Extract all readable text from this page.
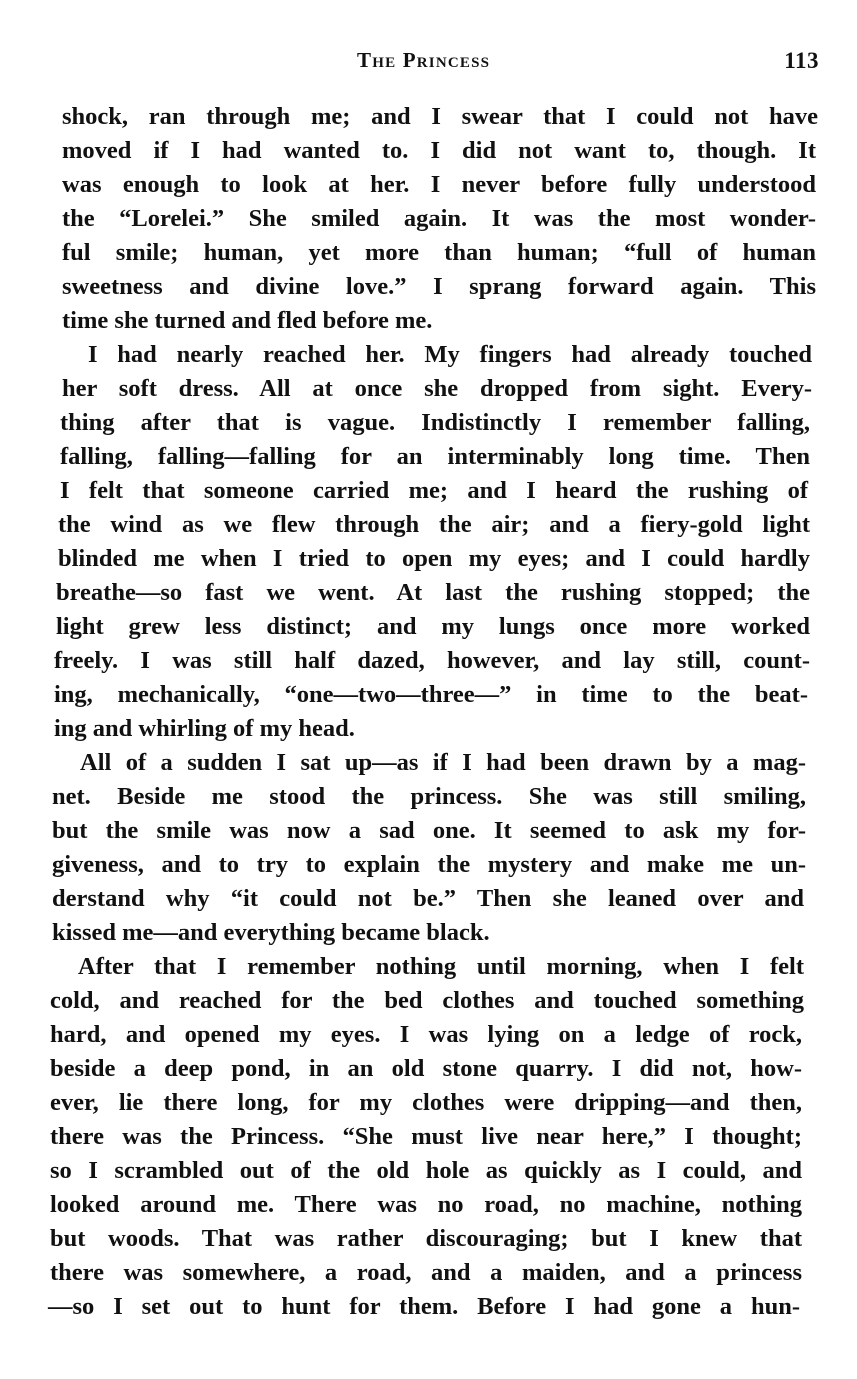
The Princess	113
shock, ran through me; and I swear that I could not have
moved if I had wanted to. I did not want to, though. It
was enough to look at her. I never before fully understood
the “Lorelei.” She smiled again. It was the most wonder-
ful smile; human, yet more than human; “full of human
sweetness and divine love.” I sprang forward again. This
time she turned and fled before me.
I had nearly reached her. My fingers had already touched
her soft dress. All at once she dropped from sight. Every-
thing after that is vague. Indistinctly I remember falling,
falling, falling—falling for an interminably long time. Then
I felt that someone carried me; and I heard the rushing of
the wind as we flew through the air; and a fiery-gold light
blinded me when I tried to open my eyes; and I could hardly
breathe—so fast we went. At last the rushing stopped; the
light grew less distinct; and my lungs once more worked
freely. I was still half dazed, however, and lay still, count-
ing, mechanically, “one—two—three—” in time to the beat-
ing and whirling of my head.
All of a sudden I sat up—as if I had been drawn by a mag-
net. Beside me stood the princess. She was still smiling,
but the smile was now a sad one. It seemed to ask my for-
giveness, and to try to explain the mystery and make me un-
derstand why “it could not be.” Then she leaned over and
kissed me—and everything became black.
After that I remember nothing until morning, when I felt
cold, and reached for the bed clothes and touched something
hard, and opened my eyes. I was lying on a ledge of rock,
beside a deep pond, in an old stone quarry. I did not, how-
ever, lie there long, for my clothes were dripping—and then,
there was the Princess. “She must live near here,” I thought;
so I scrambled out of the old hole as quickly as I could, and
looked around me. There was no road, no machine, nothing
but woods. That was rather discouraging; but I knew that
there was somewhere, a road, and a maiden, and a princess
—so I set out to hunt for them. Before I had gone a hun-
